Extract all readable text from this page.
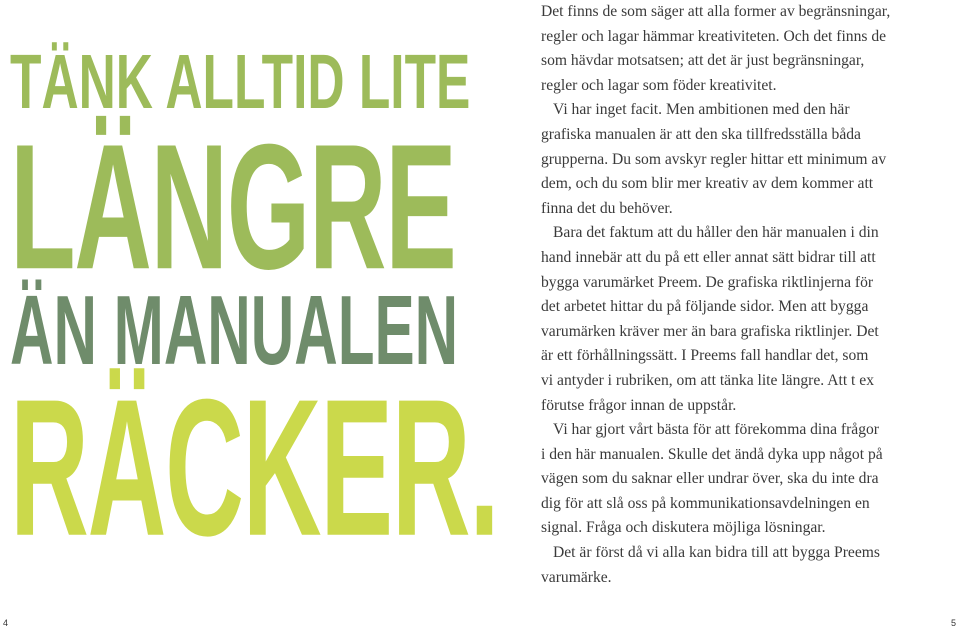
TÄNK ALLTID LITE
LÄNGRE
ÄN MANUALEN
RÄCKER.
Det finns de som säger att alla former av begränsningar,
regler och lagar hämmar kreativiteten. Och det finns de
som hävdar motsatsen; att det är just begränsningar,
regler och lagar som föder kreativitet.
Vi har inget facit. Men ambitionen med den här
grafiska manualen är att den ska tillfredsställa båda
grupperna. Du som avskyr regler hittar ett minimum av
dem, och du som blir mer kreativ av dem kommer att
finna det du behöver.
Bara det faktum att du håller den här manualen i din
hand innebär att du på ett eller annat sätt bidrar till att
bygga varumärket Preem. De grafiska riktlinjerna för
det arbetet hittar du på följande sidor. Men att bygga
varumärken kräver mer än bara grafiska riktlinjer. Det
är ett förhållningssätt. I Preems fall handlar det, som
vi antyder i rubriken, om att tänka lite längre. Att t ex
förutse frågor innan de uppstår.
Vi har gjort vårt bästa för att förekomma dina frågor
i den här manualen. Skulle det ändå dyka upp något på
vägen som du saknar eller undrar över, ska du inte dra
dig för att slå oss på kommunikationsavdelningen en
signal. Fråga och diskutera möjliga lösningar.
Det är först då vi alla kan bidra till att bygga Preems
varumärke.

4	5
